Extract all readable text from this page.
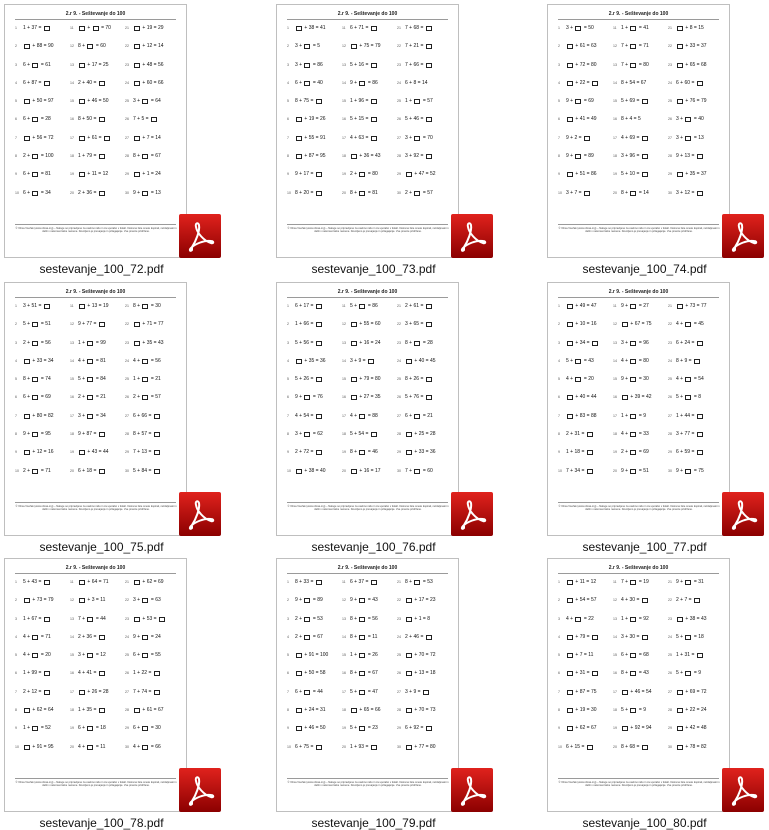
2.r 9. - Seštevanje do 100
1 1 + 37 =	11	+ = 70	21	+ 19 = 29
2	+ 88 = 90	12 8 + = 60	22	+ 12 = 14
3 6 + = 61	13	+ 17 = 25	23	+ 48 = 56
4 6 + 87 =	14 2 + 40 =	24	+ 60 = 66
5	+ 50 = 97	15	+ 46 = 50	25 3 + = 64
6 6 + = 28	16 8 + 50 =	26 7 + 5 =
7	+ 56 = 72	17	+ 61 =	27	+ 7 = 14
8 2 + = 100	18 1 + 79 =	28 8 + = 67
9 6 + = 81	19	+ 11 = 12	29	+ 1 = 24
10 6 + = 34	20 2 + 36 =	30 9 + = 13
© Vilma Vovčak (www.vilmai.org) – Naloge so pripravljene za osebno rabo in za uporabo v šolah. Delovne liste smete kopirati, razdeljevati in deliti v nekomercialne namene. Dovoljeno je prevajanje in prilagajanje. Vse pravice pridržane.
sestevanje_100_72.pdf
2.r 9. - Seštevanje do 100
1	+ 38 = 41	11 6 + 71 =	21 7 + 68 =
2 3 + = 5	12	+ 75 = 79	22 7 + 21 =
3 3 + = 86	13 5 + 16 =	23 7 + 66 =
4 6 + = 40	14 9 + = 86	24 6 + 8 = 14
5 8 + 75 =	15 1 + 96 =	25 1 + = 57
6	+ 19 = 26	16 5 + 15 =	26 5 + 46 =
7	+ 55 = 91	17 4 + 63 =	27 3 + = 70
8	+ 87 = 95	18	+ 36 = 43	28 3 + 92 =
9 9 + 17 =	19 2 + = 80	29	+ 47 = 52
10 8 + 20 =	20 8 + = 81	30 2 + = 57
© Vilma Vovčak (www.vilmai.org) – Naloge so pripravljene za osebno rabo in za uporabo v šolah. Delovne liste smete kopirati, razdeljevati in deliti v nekomercialne namene. Dovoljeno je prevajanje in prilagajanje. Vse pravice pridržane.
sestevanje_100_73.pdf
2.r 9. - Seštevanje do 100
1 3 + = 50	11 1 + = 41	21	+ 8 = 15
2	+ 61 = 63	12 7 + = 71	22	+ 33 = 37
3	+ 72 = 80	13 7 + = 80	23	+ 65 = 68
4	+ 22 =	14 8 + 54 = 67	24 6 + 60 =
5 9 + = 69	15 5 + 69 =	25	+ 76 = 79
6	+ 41 = 49	16 8 + 4 = 5	26 3 + = 40
7 9 + 2 =	17 4 + 69 =	27 3 + = 13
8 9 + = 89	18 3 + 96 =	28 9 + 13 =
9	+ 51 = 86	19 5 + 10 =	29	+ 35 = 37
10 3 + 7 =	20 8 + = 14	30 3 + 12 =
© Vilma Vovčak (www.vilmai.org) – Naloge so pripravljene za osebno rabo in za uporabo v šolah. Delovne liste smete kopirati, razdeljevati in deliti v nekomercialne namene. Dovoljeno je prevajanje in prilagajanje. Vse pravice pridržane.
sestevanje_100_74.pdf
2.r 9. - Seštevanje do 100
1 3 + 51 =	11	+ 13 = 19	21 8 + = 30
2 5 + = 51	12 9 + 77 =	22	+ 71 = 77
3 2 + = 56	13 1 + = 99	23	+ 35 = 43
4	+ 33 = 34	14 4 + = 81	24 4 + = 56
5 8 + = 74	15 5 + = 84	25 1 + = 21
6 6 + = 69	16 2 + = 21	26 2 + = 57
7	+ 80 = 82	17 3 + = 34	27 6 + 66 =
8 9 + = 95	18 9 + 87 =	28 8 + 57 =
9	+ 12 = 16	19	+ 43 = 44	29 7 + 13 =
10 2 + = 71	20 6 + 18 =	30 5 + 84 =
© Vilma Vovčak (www.vilmai.org) – Naloge so pripravljene za osebno rabo in za uporabo v šolah. Delovne liste smete kopirati, razdeljevati in deliti v nekomercialne namene. Dovoljeno je prevajanje in prilagajanje. Vse pravice pridržane.
sestevanje_100_75.pdf
2.r 9. - Seštevanje do 100
1 6 + 17 =	11 5 + = 86	21 2 + 61 =
2 1 + 66 =	12	+ 55 = 60	22 3 + 65 =
3 5 + 56 =	13	+ 16 = 24	23 8 + = 28
4	+ 35 = 36	14 3 + 9 =	24	+ 40 = 45
5 5 + 26 =	15	+ 79 = 80	25 8 + 26 =
6 9 + = 76	16	+ 27 = 35	26 5 + 76 =
7 4 + 54 =	17 4 + = 88	27 6 + = 21
8 3 + = 62	18 5 + 54 =	28	+ 25 = 28
9 2 + 72 =	19 8 + = 46	29	+ 33 = 36
10	+ 38 = 40	20	+ 16 = 17	30 7 + = 60
© Vilma Vovčak (www.vilmai.org) – Naloge so pripravljene za osebno rabo in za uporabo v šolah. Delovne liste smete kopirati, razdeljevati in deliti v nekomercialne namene. Dovoljeno je prevajanje in prilagajanje. Vse pravice pridržane.
sestevanje_100_76.pdf
2.r 9. - Seštevanje do 100
1	+ 49 = 47	11 9 + = 27	21	+ 73 = 77
2	+ 10 = 16	12	+ 67 = 75	22 4 + = 45
3	+ 34 =	13 3 + = 96	23 6 + 24 =
4 5 + = 43	14 4 + = 80	24 8 + 9 =
5 4 + = 20	15 9 + = 30	25 4 + = 54
6	+ 40 = 44	16	+ 39 = 42	26 5 + = 8
7	+ 83 = 88	17 1 + = 9	27 1 + 44 =
8 2 + 31 =	18 4 + = 33	28 3 + 77 =
9 1 + 18 =	19 2 + = 69	29 6 + 59 =
10 7 + 34 =	20 9 + = 51	30 9 + = 75
© Vilma Vovčak (www.vilmai.org) – Naloge so pripravljene za osebno rabo in za uporabo v šolah. Delovne liste smete kopirati, razdeljevati in deliti v nekomercialne namene. Dovoljeno je prevajanje in prilagajanje. Vse pravice pridržane.
sestevanje_100_77.pdf
2.r 9. - Seštevanje do 100
1 5 + 43 =	11	+ 64 = 71	21	+ 62 = 69
2	+ 73 = 79	12	+ 3 = 11	22 3 + = 63
3 1 + 67 =	13 7 + = 44	23	+ 53 =
4 4 + = 71	14 2 + 36 =	24 9 + = 24
5 4 + = 20	15 3 + = 12	25 6 + = 55
6 1 + 99 =	16 4 + 41 =	26 1 + 22 =
7 2 + 12 =	17	+ 26 = 28	27 7 + 74 =
8	+ 62 = 64	18 1 + 35 =	28	+ 61 = 67
9 1 + = 52	19 6 + = 18	29 6 + = 30
10	+ 91 = 95	20 4 + = 11	30 4 + = 66
© Vilma Vovčak (www.vilmai.org) – Naloge so pripravljene za osebno rabo in za uporabo v šolah. Delovne liste smete kopirati, razdeljevati in deliti v nekomercialne namene. Dovoljeno je prevajanje in prilagajanje. Vse pravice pridržane.
sestevanje_100_78.pdf
2.r 9. - Seštevanje do 100
1 8 + 33 =	11 6 + 37 =	21 8 + = 53
2 9 + = 89	12 9 + = 43	22	+ 17 = 23
3 2 + = 53	13 8 + = 56	23	+ 1 = 8
4 2 + = 67	14 8 + = 11	24 2 + 46 =
5	+ 91 = 100	15 1 + = 26	25	+ 70 = 72
6	+ 50 = 58	16 8 + = 67	26	+ 13 = 18
7 6 + = 44	17 5 + = 47	27 3 + 9 =
8	+ 24 = 31	18	+ 65 = 66	28	+ 70 = 73
9	+ 46 = 50	19 5 + = 23	29 6 + 92 =
10 6 + 75 =	20 1 + 93 =	30	+ 77 = 80
© Vilma Vovčak (www.vilmai.org) – Naloge so pripravljene za osebno rabo in za uporabo v šolah. Delovne liste smete kopirati, razdeljevati in deliti v nekomercialne namene. Dovoljeno je prevajanje in prilagajanje. Vse pravice pridržane.
sestevanje_100_79.pdf
2.r 9. - Seštevanje do 100
1	+ 11 = 12	11 7 + = 19	21 9 + = 31
2	+ 54 = 57	12 4 + 30 =	22 2 + 7 =
3 4 + = 22	13 1 + = 92	23	+ 38 = 43
4	+ 79 =	14 3 + 30 =	24 5 + = 18
5	+ 7 = 11	15 6 + = 68	25 1 + 31 =
6	+ 31 =	16 8 + = 43	26 5 + = 9
7	+ 87 = 75	17	+ 46 = 54	27	+ 69 = 72
8	+ 19 = 30	18 5 + = 9	28	+ 22 = 24
9	+ 62 = 67	19	+ 92 = 94	29	+ 42 = 48
10 6 + 15 =	20 8 + 68 =	30	+ 78 = 82
© Vilma Vovčak (www.vilmai.org) – Naloge so pripravljene za osebno rabo in za uporabo v šolah. Delovne liste smete kopirati, razdeljevati in deliti v nekomercialne namene. Dovoljeno je prevajanje in prilagajanje. Vse pravice pridržane.
sestevanje_100_80.pdf
